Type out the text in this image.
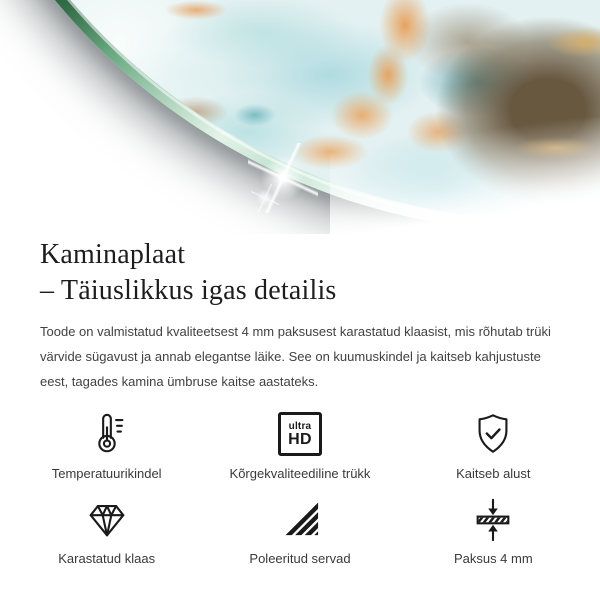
Kaminaplaat
– Täiuslikkus igas detailis
Toode on valmistatud kvaliteetsest 4 mm paksusest karastatud klaasist, mis rõhutab trüki värvide sügavust ja annab elegantse läike. See on kuumuskindel ja kaitseb kahjustuste eest, tagades kamina ümbruse kaitse aastateks.
Temperatuurikindel
ultra
HD
Kõrgekvaliteediline trükk	Kaitseb alust
Karastatud klaas	Poleeritud servad	Paksus 4 mm
